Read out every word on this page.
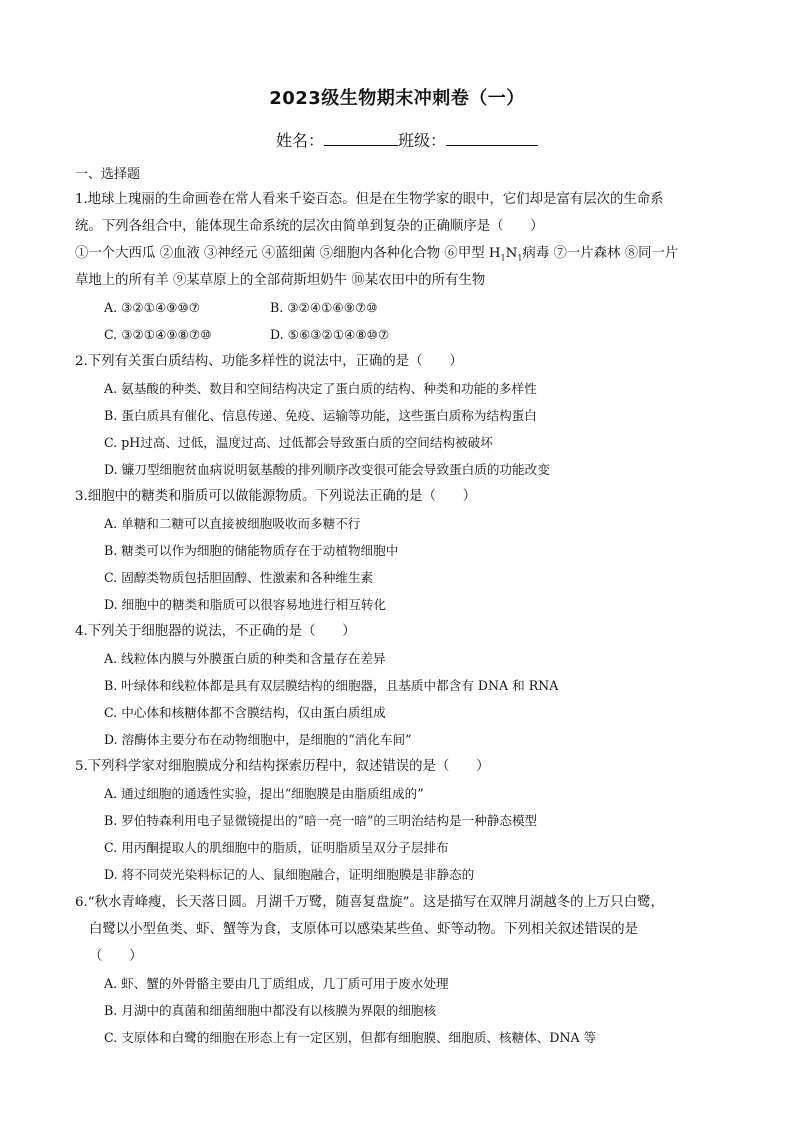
2023级生物期末冲刺卷（一）
姓名：	班级：
一、选择题
1.地球上瑰丽的生命画卷在常人看来千姿百态。但是在生物学家的眼中，它们却是富有层次的生命系
统。下列各组合中，能体现生命系统的层次由简单到复杂的正确顺序是（　　）
①一个大西瓜 ②血液 ③神经元 ④蓝细菌 ⑤细胞内各种化合物 ⑥甲型 $H_1N_1$病毒 ⑦一片森林 ⑧同一片
草地上的所有羊 ⑨某草原上的全部荷斯坦奶牛 ⑩某农田中的所有生物
A. ③②①④⑨⑩⑦	B. ③②④①⑥⑨⑦⑩
C. ③②①④⑨⑧⑦⑩	D. ⑤⑥③②①④⑧⑩⑦
2.下列有关蛋白质结构、功能多样性的说法中，正确的是（　　）
A. 氨基酸的种类、数目和空间结构决定了蛋白质的结构、种类和功能的多样性
B. 蛋白质具有催化、信息传递、免疫、运输等功能，这些蛋白质称为结构蛋白
C. pH过高、过低，温度过高、过低都会导致蛋白质的空间结构被破坏
D. 镰刀型细胞贫血病说明氨基酸的排列顺序改变很可能会导致蛋白质的功能改变
3.细胞中的糖类和脂质可以做能源物质。下列说法正确的是（　　）
A. 单糖和二糖可以直接被细胞吸收而多糖不行
B. 糖类可以作为细胞的储能物质存在于动植物细胞中
C. 固醇类物质包括胆固醇、性激素和各种维生素
D. 细胞中的糖类和脂质可以很容易地进行相互转化
4.下列关于细胞器的说法，不正确的是（　　）
A. 线粒体内膜与外膜蛋白质的种类和含量存在差异
B. 叶绿体和线粒体都是具有双层膜结构的细胞器，且基质中都含有 DNA 和 RNA
C. 中心体和核糖体都不含膜结构，仅由蛋白质组成
D. 溶酶体主要分布在动物细胞中，是细胞的“消化车间”
5.下列科学家对细胞膜成分和结构探索历程中，叙述错误的是（　　）
A. 通过细胞的通透性实验，提出“细胞膜是由脂质组成的”
B. 罗伯特森利用电子显微镜提出的“暗一亮一暗”的三明治结构是一种静态模型
C. 用丙酮提取人的肌细胞中的脂质，证明脂质呈双分子层排布
D. 将不同荧光染料标记的人、鼠细胞融合，证明细胞膜是非静态的
6.“秋水青峰瘦，长天落日圆。月湖千万鹭，随喜复盘旋”。这是描写在双牌月湖越冬的上万只白鹭，
白鹭以小型鱼类、虾、蟹等为食，支原体可以感染某些鱼、虾等动物。下列相关叙述错误的是
（　　）
A. 虾、蟹的外骨骼主要由几丁质组成，几丁质可用于废水处理
B. 月湖中的真菌和细菌细胞中都没有以核膜为界限的细胞核
C. 支原体和白鹭的细胞在形态上有一定区别，但都有细胞膜、细胞质、核糖体、DNA 等
